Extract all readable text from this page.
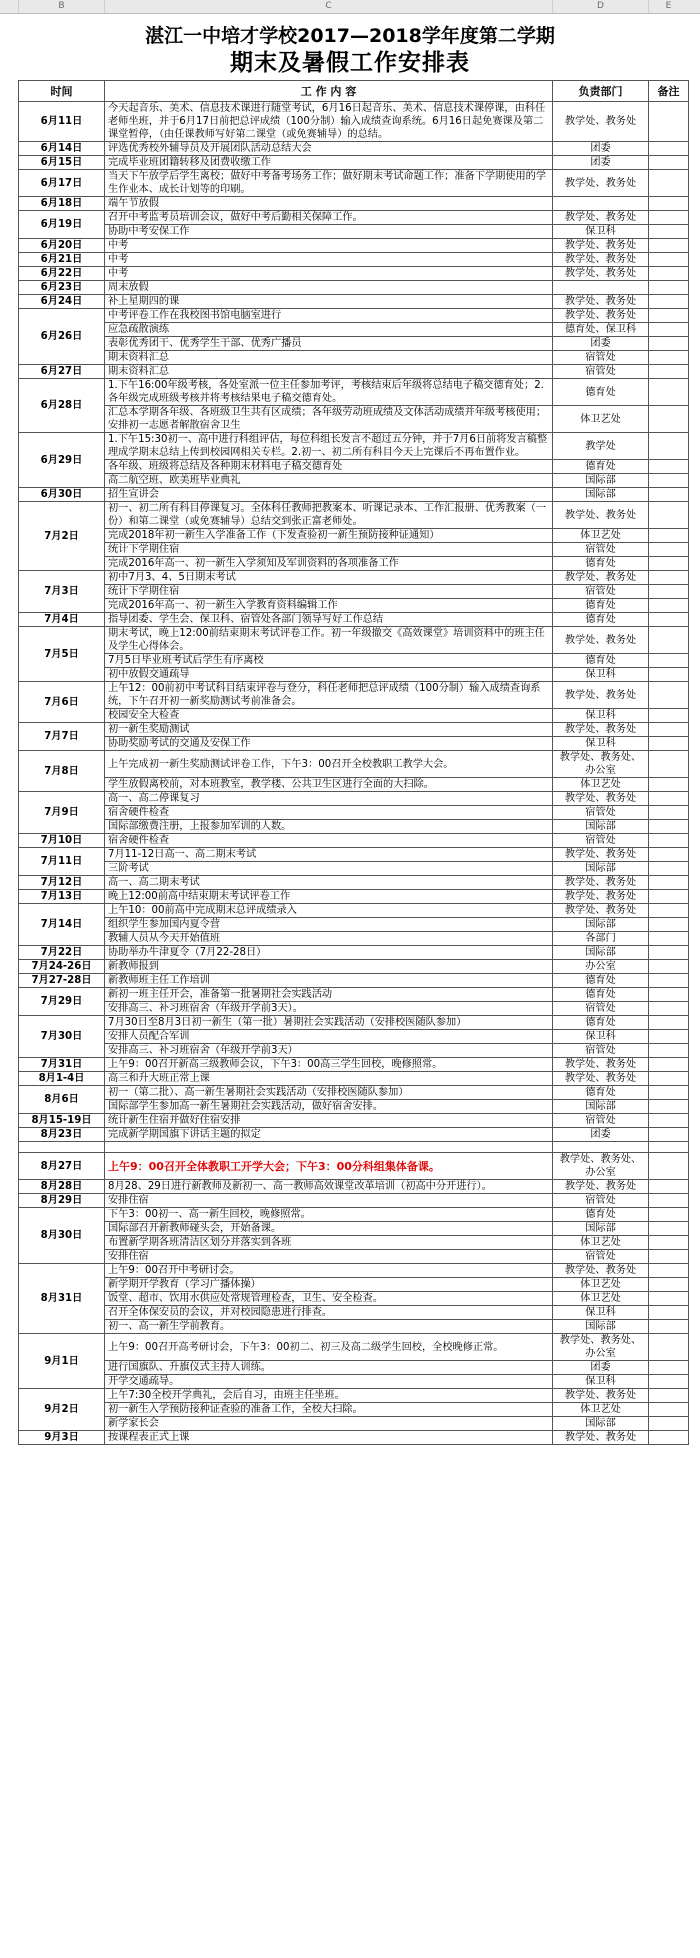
B	C	D	E
湛江一中培才学校2017—2018学年度第二学期
期末及暑假工作安排表
时间	工 作 内 容	负责部门	备注
6月11日	今天起音乐、美术、信息技术课进行随堂考试，6月16日起音乐、美术、信息技术课停课，由科任老师坐班，并于6月17日前把总评成绩（100分制）输入成绩查询系统。6月16日起免赛课及第二课堂暂停，（由任课教师写好第二课堂（或免赛辅导）的总结。	教学处、教务处	
6月14日	评选优秀校外辅导员及开展团队活动总结大会	团委	
6月15日	完成毕业班团籍转移及团费收缴工作	团委	
6月17日	当天下午放学后学生离校；做好中考备考场务工作；做好期末考试命题工作；准备下学期使用的学生作业本、成长计划等的印刷。	教学处、教务处	
6月18日	端午节放假		
6月19日	召开中考监考员培训会议，做好中考后勤相关保障工作。	教学处、教务处	
	协助中考安保工作	保卫科	
6月20日	中考	教学处、教务处	
6月21日	中考	教学处、教务处	
6月22日	中考	教学处、教务处	
6月23日	周末放假		
6月24日	补上星期四的课	教学处、教务处	
6月26日	中考评卷工作在我校图书馆电脑室进行	教学处、教务处	
	应急疏散演练	德育处、保卫科	
	表彰优秀团干、优秀学生干部、优秀广播员	团委	
	期末资料汇总	宿管处	
6月27日	期末资料汇总	宿管处	
6月28日	1.下午16:00年级考核，各处室派一位主任参加考评，考核结束后年级将总结电子稿交德育处；2.各年级完成班级考核并将考核结果电子稿交德育处。	德育处	
	汇总本学期各年级、各班级卫生共有区成绩；各年级劳动班成绩及文体活动成绩并年级考核使用；安排初一志愿者解散宿舍卫生	体卫艺处	
6月29日	1.下午15:30初一、高中进行科组评估，每位科组长发言不超过五分钟，并于7月6日前将发言稿整理成学期末总结上传到校园网相关专栏。2.初一、初二所有科目今天上完课后不再布置作业。	教学处	
	各年级、班级将总结及各种期末材料电子稿交德育处	德育处	
	高二航空班、欧美班毕业典礼	国际部	
6月30日	招生宣讲会	国际部	
7月2日	初一、初二所有科目停课复习。全体科任教师把教案本、听课记录本、工作汇报册、优秀教案（一份）和第二课堂（或免赛辅导）总结交到张正富老师处。	教学处、教务处	
	完成2018年初一新生入学准备工作（下发查验初一新生预防接种证通知）	体卫艺处	
	统计下学期住宿	宿管处	
	完成2016年高一、初一新生入学须知及军训资料的各项准备工作	德育处	
7月3日	初中7月3、4、5日期末考试	教学处、教务处	
	统计下学期住宿	宿管处	
	完成2016年高一、初一新生入学教育资料编辑工作	德育处	
7月4日	指导团委、学生会、保卫科、宿管处各部门领导写好工作总结	德育处	
7月5日	期末考试，晚上12:00前结束期末考试评卷工作。初一年级撤交《高效课堂》培训资料中的班主任及学生心得体会。	教学处、教务处	
	7月5日毕业班考试后学生有序离校	德育处	
	初中放假交通疏导	保卫科	
7月6日	上午12：00前初中考试科目结束评卷与登分，科任老师把总评成绩（100分制）输入成绩查询系统，下午召开初一新奖励测试考前准备会。	教学处、教务处	
	校园安全大检查	保卫科	
7月7日	初一新生奖励测试	教学处、教务处	
	协助奖励考试的交通及安保工作	保卫科	
7月8日	上午完成初一新生奖励测试评卷工作，下午3：00召开全校教职工教学大会。	教学处、教务处、办公室	
	学生放假离校前，对本班教室，教学楼、公共卫生区进行全面的大扫除。	体卫艺处	
7月9日	高一、高二停课复习	教学处、教务处	
	宿舍硬件检查	宿管处	
	国际部缴费注册，上报参加军训的人数。	国际部	
7月10日	宿舍硬件检查	宿管处	
7月11日	7月11-12日高一、高二期末考试	教学处、教务处	
	三阶考试	国际部	
7月12日	高一、高二期末考试	教学处、教务处	
7月13日	晚上12:00前高中结束期末考试评卷工作	教学处、教务处	
7月14日	上午10：00前高中完成期末总评成绩录入	教学处、教务处	
	组织学生参加国内夏令营	国际部	
	教辅人员从今天开始值班	各部门	
7月22日	协助举办牛津夏令（7月22-28日）	国际部	
7月24-26日	新教师报到	办公室	
7月27-28日	新教师班主任工作培训	德育处	
7月29日	新初一班主任开会，准备第一批暑期社会实践活动	德育处	
	安排高三、补习班宿舍（年级开学前3天）。	宿管处	
7月30日	7月30日至8月3日初一新生（第一批）暑期社会实践活动（安排校医随队参加）	德育处	
	安排人员配合军训	保卫科	
	安排高三、补习班宿舍（年级开学前3天）	宿管处	
7月31日	上午9：00召开新高三级教师会议，下午3：00高三学生回校，晚修照常。	教学处、教务处	
8月1-4日	高三和升大班正常上课	教学处、教务处	
8月6日	初一（第二批）、高一新生暑期社会实践活动（安排校医随队参加）	德育处	
	国际部学生参加高一新生暑期社会实践活动，做好宿舍安排。	国际部	
8月15-19日	统计新生住宿并做好住宿安排	宿管处	
8月23日	完成新学期国旗下讲话主题的拟定	团委	

8月27日	上午9：00召开全体教职工开学大会；下午3：00分科组集体备课。	教学处、教务处、办公室	
8月28日	8月28、29日进行新教师及新初一、高一教师高效课堂改革培训（初高中分开进行）。	教学处、教务处	
8月29日	安排住宿	宿管处	
8月30日	下午3：00初一、高一新生回校，晚修照常。	德育处	
	国际部召开新教师碰头会，开始备课。	国际部	
	布置新学期各班清洁区划分并落实到各班	体卫艺处	
	安排住宿	宿管处	
8月31日	上午9：00召开中考研讨会。	教学处、教务处	
	新学期开学教育（学习广播体操）	体卫艺处	
	饭堂、超市、饮用水供应处常规管理检查，卫生、安全检查。	体卫艺处	
	召开全体保安员的会议，并对校园隐患进行排查。	保卫科	
	初一、高一新生学前教育。	国际部	
9月1日	上午9：00召开高考研讨会，下午3：00初二、初三及高二级学生回校，全校晚修正常。	教学处、教务处、办公室	
	进行国旗队、升旗仪式主持人训练。	团委	
	开学交通疏导。	保卫科	
9月2日	上午7:30全校开学典礼，会后自习，由班主任坐班。	教学处、教务处	
	初一新生入学预防接种证查验的准备工作，全校大扫除。	体卫艺处	
	新学家长会	国际部	
9月3日	按课程表正式上课	教学处、教务处	
